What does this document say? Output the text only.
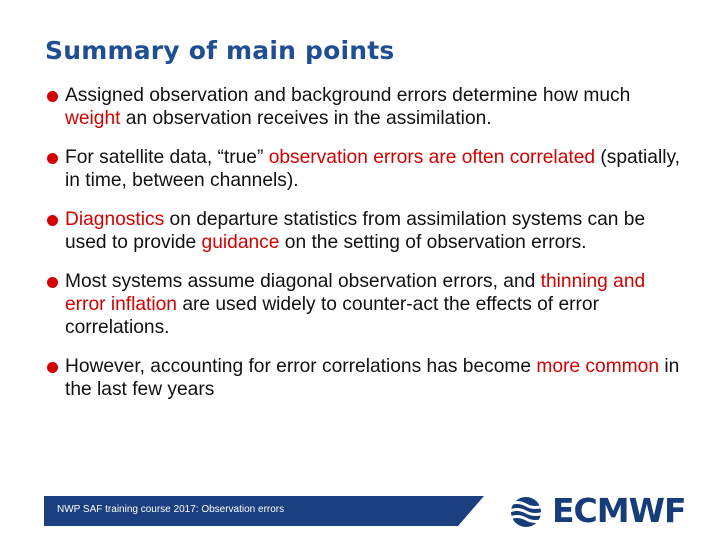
Summary of main points
Assigned observation and background errors determine how much weight an observation receives in the assimilation.
For satellite data, “true” observation errors are often correlated (spatially, in time, between channels).
Diagnostics on departure statistics from assimilation systems can be used to provide guidance on the setting of observation errors.
Most systems assume diagonal observation errors, and thinning and error inflation are used widely to counter-act the effects of error correlations.
However, accounting for error correlations has become more common in the last few years
NWP SAF training course 2017: Observation errors	ECMWF
